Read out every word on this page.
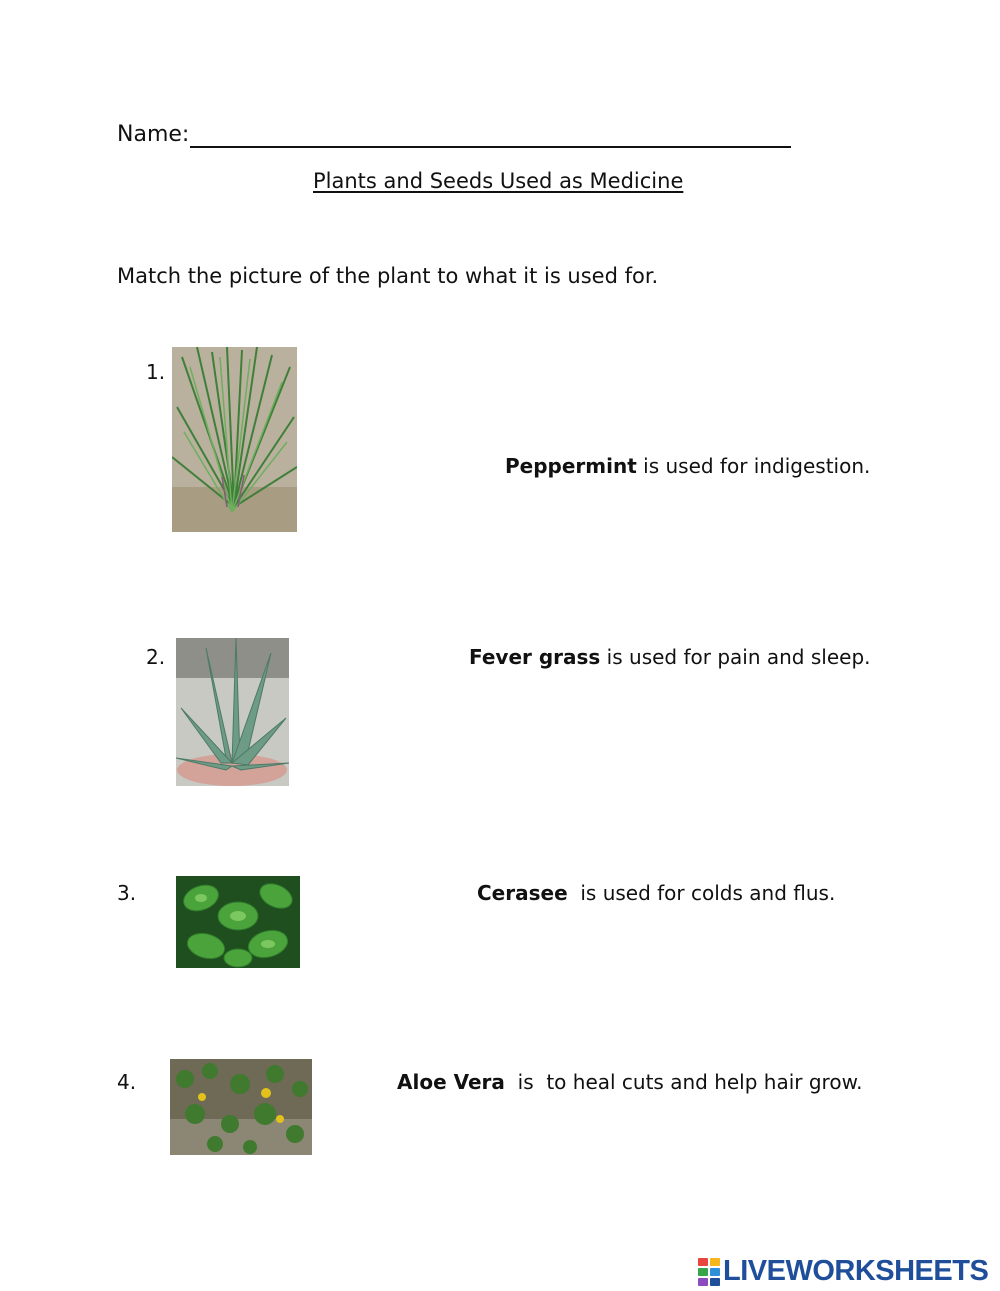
Name:
Plants and Seeds Used as Medicine
Match the picture of the plant to what it is used for.
1.
Peppermint is used for indigestion.
2.	Fever grass is used for pain and sleep.
3.	Cerasee  is used for colds and flus.
4.	Aloe Vera  is  to heal cuts and help hair grow.
LIVEWORKSHEETS
